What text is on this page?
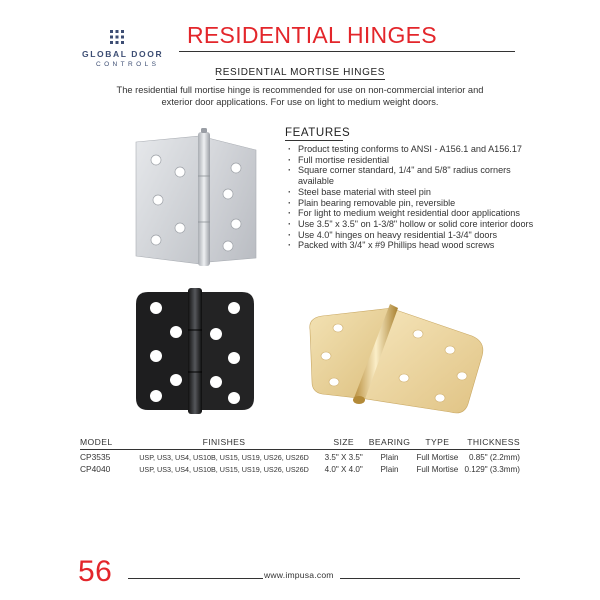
GLOBAL DOOR
CONTROLS
RESIDENTIAL HINGES
RESIDENTIAL MORTISE HINGES
The residential full mortise hinge is recommended for use on non-commercial interior and exterior door applications. For use on light to medium weight doors.
FEATURES
· Product testing conforms to ANSI - A156.1 and A156.17
· Full mortise residential
· Square corner standard, 1/4" and 5/8" radius corners available
· Steel base material with steel pin
· Plain bearing removable pin, reversible
· For light to medium weight residential door applications
· Use 3.5" x 3.5" on 1-3/8" hollow or solid core interior doors
· Use 4.0" hinges on heavy residential 1-3/4" doors
· Packed with 3/4" x #9 Phillips head wood screws
MODEL	FINISHES	SIZE	BEARING	TYPE	THICKNESS
CP3535	USP, US3, US4, US10B, US15, US19, US26, US26D	3.5" X 3.5"	Plain	Full Mortise	0.85" (2.2mm)
CP4040	USP, US3, US4, US10B, US15, US19, US26, US26D	4.0" X 4.0"	Plain	Full Mortise	0.129" (3.3mm)
56	www.impusa.com
